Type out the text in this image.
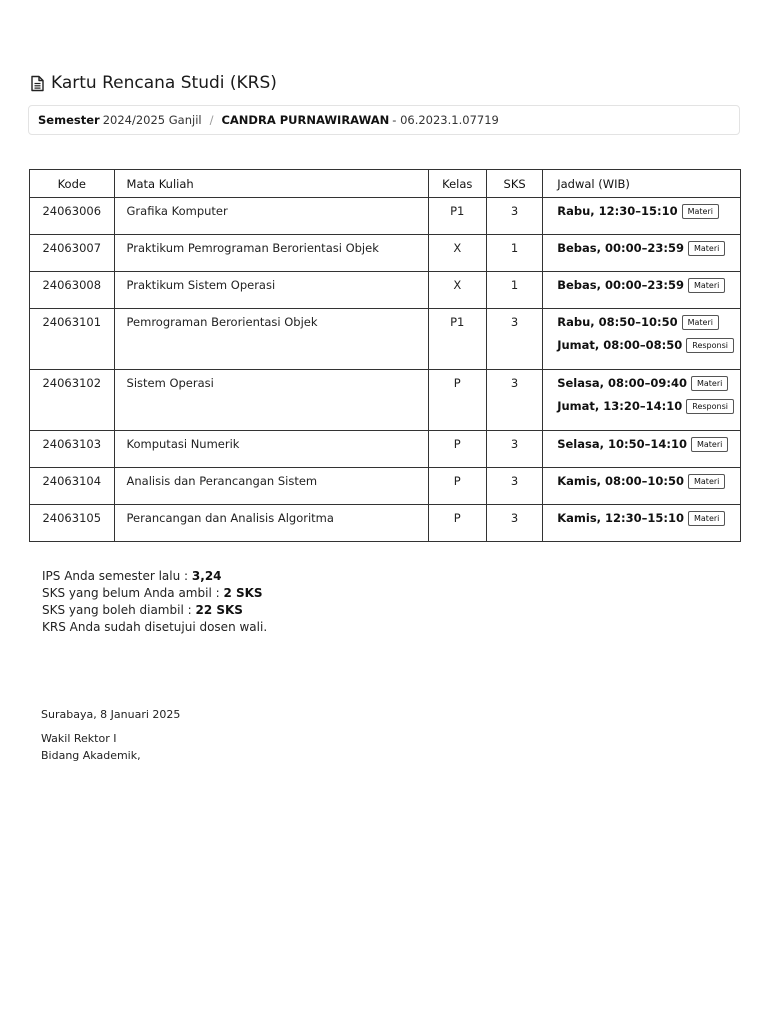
Kartu Rencana Studi (KRS)
Semester 2024/2025 Ganjil / CANDRA PURNAWIRAWAN - 06.2023.1.07719
Kode	Mata Kuliah	Kelas	SKS	Jadwal (WIB)
24063006	Grafika Komputer	P1	3	Rabu, 12:30–15:10 Materi

24063007	Praktikum Pemrograman Berorientasi Objek	X	1	Bebas, 00:00–23:59 Materi

24063008	Praktikum Sistem Operasi	X	1	Bebas, 00:00–23:59 Materi

24063101	Pemrograman Berorientasi Objek	P1	3	Rabu, 08:50–10:50 Materi
Jumat, 08:00–08:50 Responsi

24063102	Sistem Operasi	P	3	Selasa, 08:00–09:40 Materi
Jumat, 13:20–14:10 Responsi

24063103	Komputasi Numerik	P	3	Selasa, 10:50–14:10 Materi

24063104	Analisis dan Perancangan Sistem	P	3	Kamis, 08:00–10:50 Materi

24063105	Perancangan dan Analisis Algoritma	P	3	Kamis, 12:30–15:10 Materi
IPS Anda semester lalu : 3,24
SKS yang belum Anda ambil : 2 SKS
SKS yang boleh diambil : 22 SKS
KRS Anda sudah disetujui dosen wali.
Surabaya, 8 Januari 2025
Wakil Rektor I
Bidang Akademik,
